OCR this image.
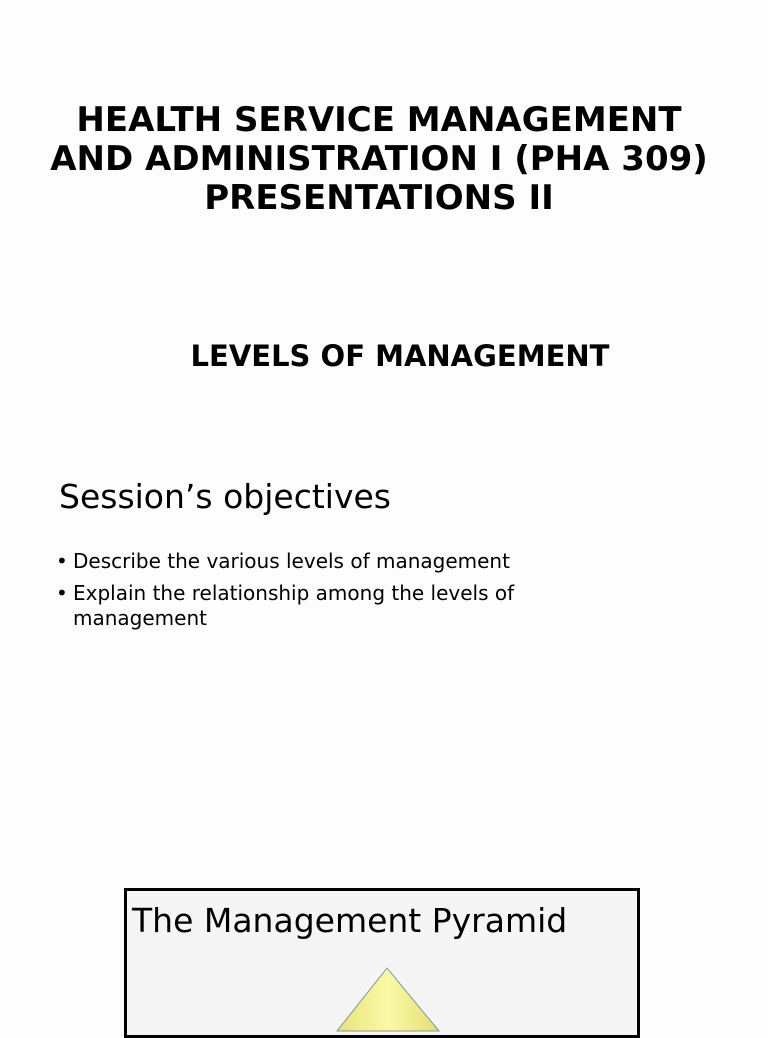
HEALTH SERVICE MANAGEMENT
AND ADMINISTRATION I (PHA 309)
PRESENTATIONS II
LEVELS OF MANAGEMENT
Session’s objectives
• Describe the various levels of management
• Explain the relationship among the levels of management
The Management Pyramid
